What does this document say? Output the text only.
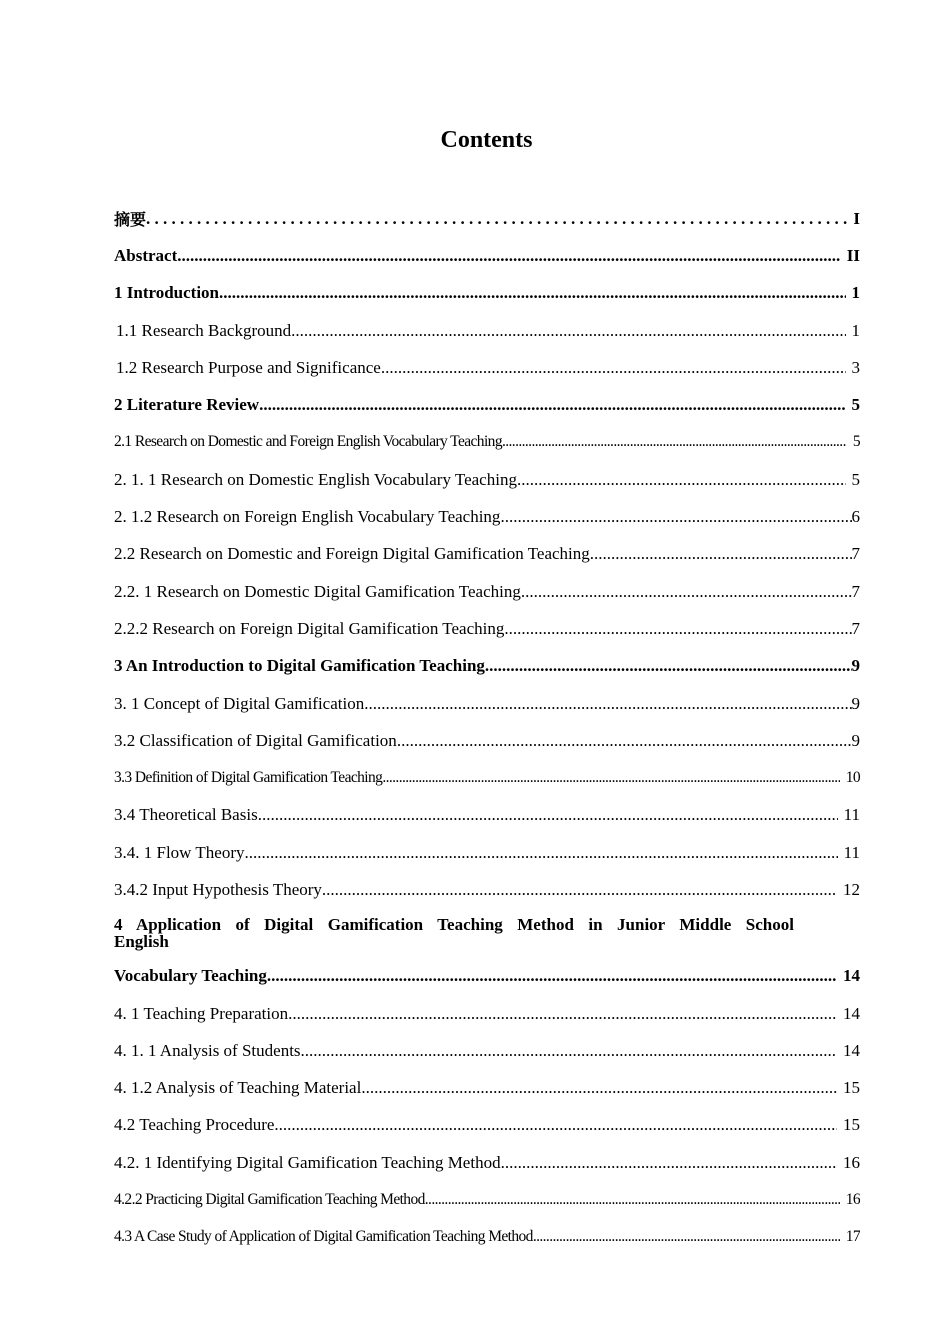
Contents
摘要 . . .	I
Abstract .....	II
1 Introduction .....	1
1.1 Research Background .....	1
1.2 Research Purpose and Significance .....	3
2 Literature Review .....	5
2.1 Research on Domestic and Foreign English Vocabulary Teaching .....	5
2. 1. 1 Research on Domestic English Vocabulary Teaching .....	5
2. 1.2 Research on Foreign English Vocabulary Teaching .....	6
2.2 Research on Domestic and Foreign Digital Gamification Teaching .....	7
2.2. 1 Research on Domestic Digital Gamification Teaching .....	7
2.2.2 Research on Foreign Digital Gamification Teaching .....	7
3 An Introduction to Digital Gamification Teaching .....	9
3. 1 Concept of Digital Gamification .....	9
3.2 Classification of Digital Gamification .....	9
3.3 Definition of Digital Gamification Teaching .....	10
3.4 Theoretical Basis .....	11
3.4. 1 Flow Theory .....	11
3.4.2 Input Hypothesis Theory .....	12
4 Application of Digital Gamification Teaching Method in Junior Middle School English
Vocabulary Teaching .....	14
4. 1 Teaching Preparation .....	14
4. 1. 1 Analysis of Students .....	14
4. 1.2 Analysis of Teaching Material .....	15
4.2 Teaching Procedure .....	15
4.2. 1 Identifying Digital Gamification Teaching Method .....	16
4.2.2 Practicing Digital Gamification Teaching Method .....	16
4.3 A Case Study of Application of Digital Gamification Teaching Method .....	17
